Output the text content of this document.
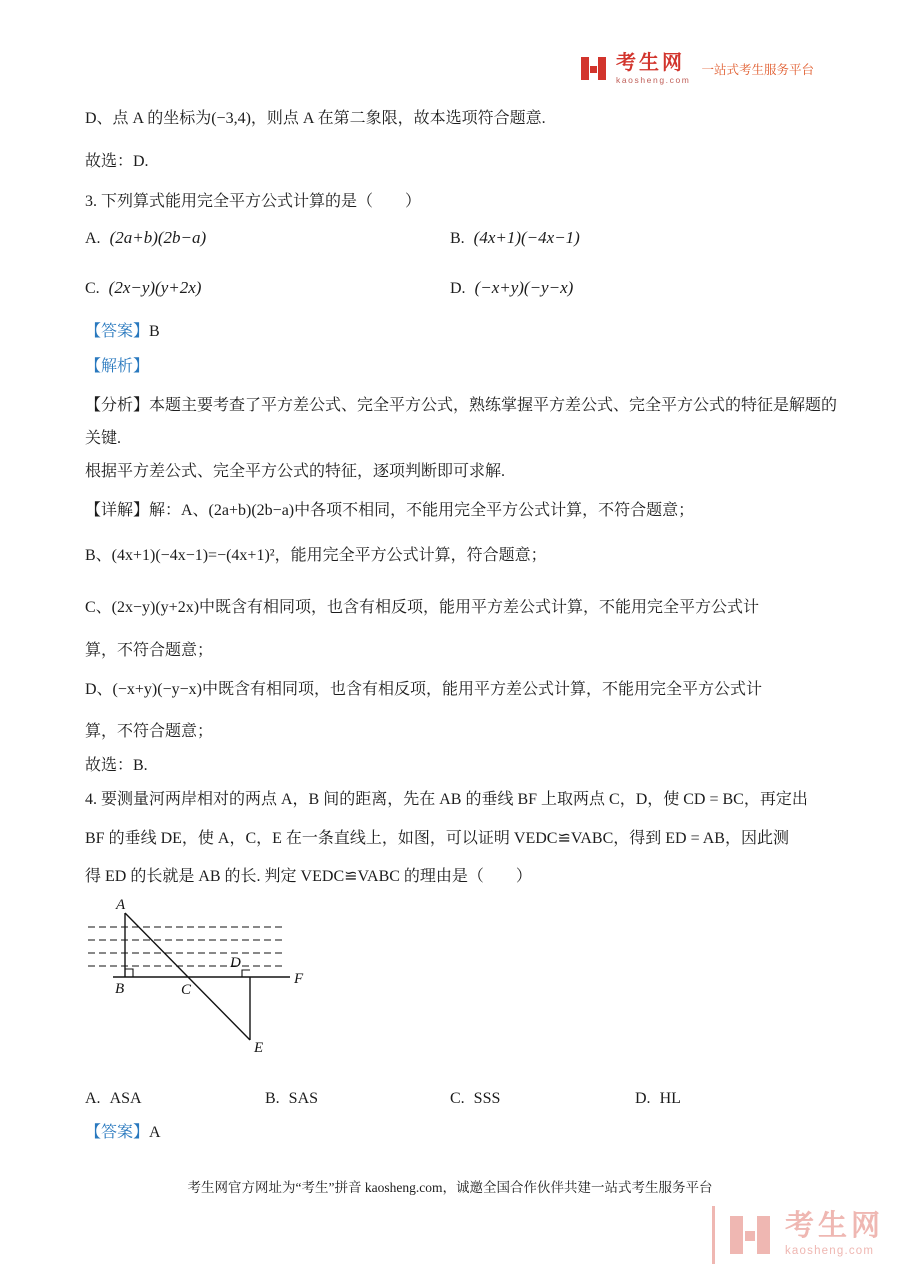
考生网
kaosheng.com
一站式考生服务平台
D、点 A 的坐标为(−3,4)，则点 A 在第二象限，故本选项符合题意.
故选：D.
3. 下列算式能用完全平方公式计算的是（　　）
A. (2a+b)(2b−a)	B. (4x+1)(−4x−1)
C. (2x−y)(y+2x)	D. (−x+y)(−y−x)
【答案】B
【解析】
【分析】本题主要考查了平方差公式、完全平方公式，熟练掌握平方差公式、完全平方公式的特征是解题的
关键.
根据平方差公式、完全平方公式的特征，逐项判断即可求解.
【详解】解：A、(2a+b)(2b−a)中各项不相同，不能用完全平方公式计算，不符合题意；
B、(4x+1)(−4x−1)=−(4x+1)²，能用完全平方公式计算，符合题意；
C、(2x−y)(y+2x)中既含有相同项，也含有相反项，能用平方差公式计算，不能用完全平方公式计
算，不符合题意；
D、(−x+y)(−y−x)中既含有相同项，也含有相反项，能用平方差公式计算，不能用完全平方公式计
算，不符合题意；
故选：B.
4. 要测量河两岸相对的两点 A，B 间的距离，先在 AB 的垂线 BF 上取两点 C，D，使 CD = BC，再定出
BF 的垂线 DE，使 A，C，E 在一条直线上，如图，可以证明 VEDC≌VABC，得到 ED = AB，因此测
得 ED 的长就是 AB 的长. 判定 VEDC≌VABC 的理由是（　　）
A
B	C
D
E
F
A. ASA	B. SAS	C. SSS	D. HL
【答案】A
考生网官方网址为“考生”拼音 kaosheng.com，诚邀全国合作伙伴共建一站式考生服务平台
考生网
kaosheng.com
